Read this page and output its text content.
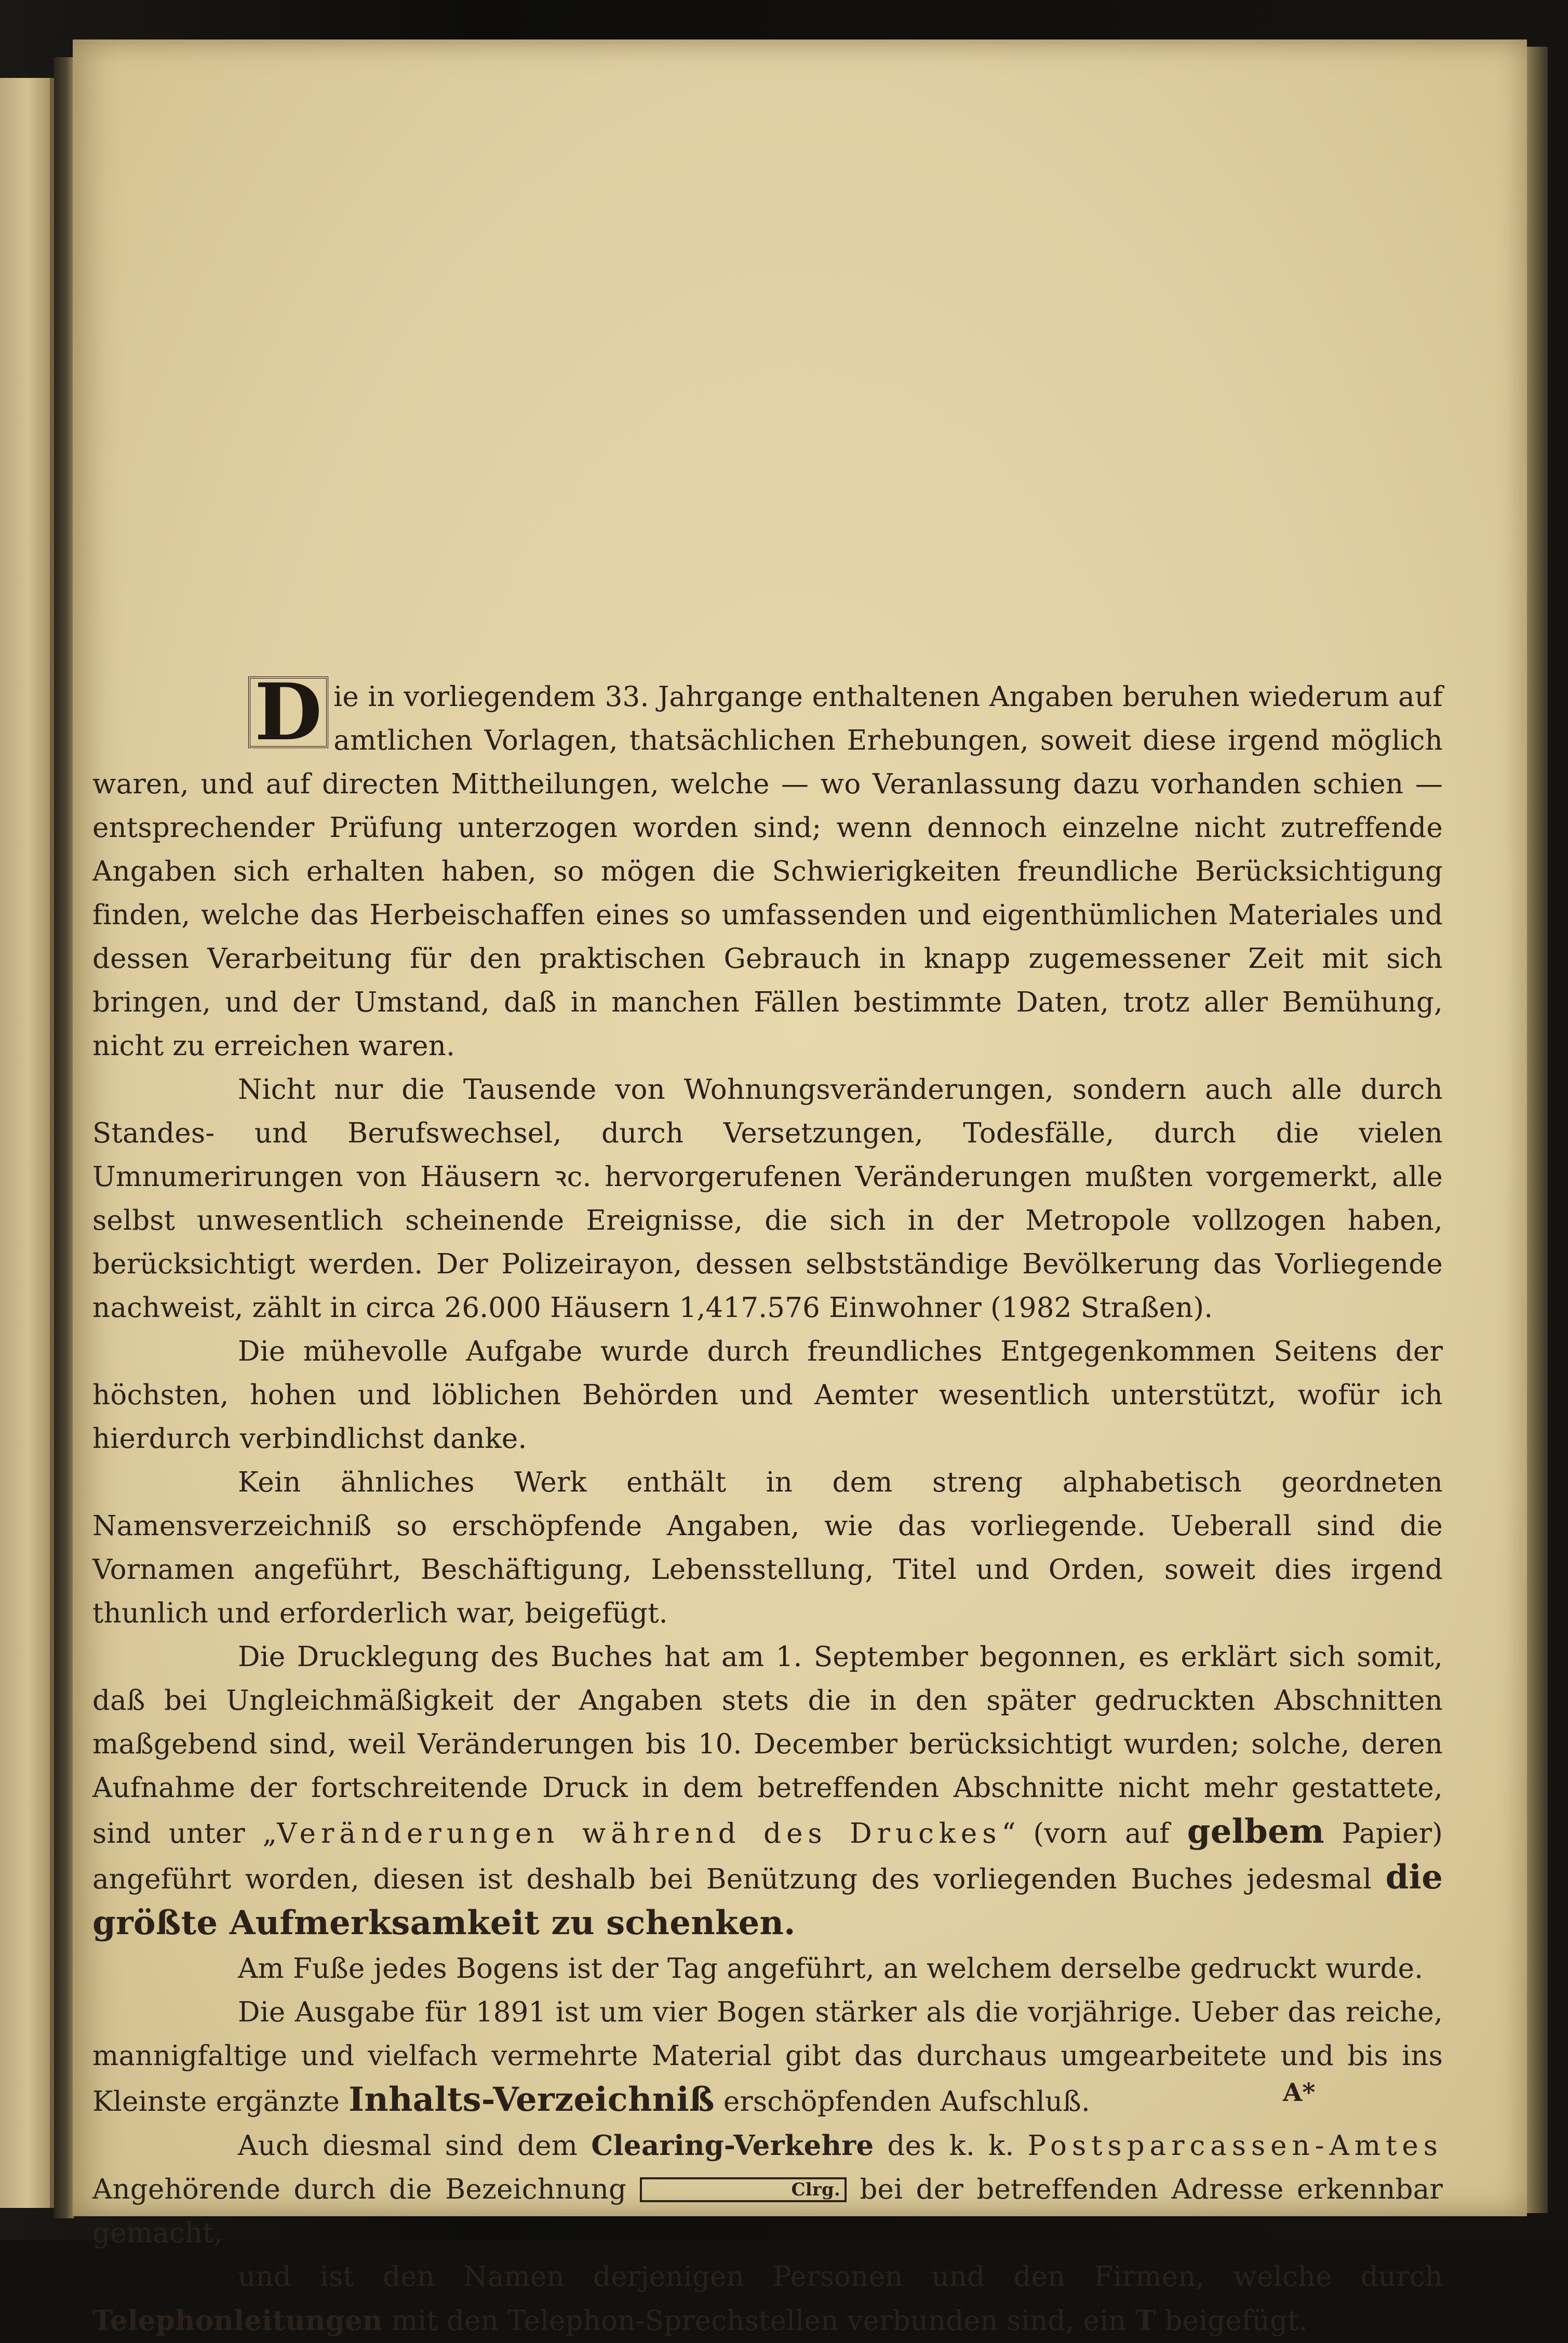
D ie in vorliegendem 33. Jahrgange enthaltenen Angaben beruhen wiederum auf amtlichen Vorlagen, thatsächlichen Erhebungen, soweit diese irgend möglich waren, und auf directen Mittheilungen, welche — wo Veranlassung dazu vorhanden schien — entsprechender Prüfung unterzogen worden sind; wenn dennoch einzelne nicht zutreffende Angaben sich erhalten haben, so mögen die Schwierigkeiten freundliche Berücksichtigung finden, welche das Herbeischaffen eines so umfassenden und eigenthümlichen Materiales und dessen Verarbeitung für den praktischen Gebrauch in knapp zugemessener Zeit mit sich bringen, und der Umstand, daß in manchen Fällen bestimmte Daten, trotz aller Bemühung, nicht zu erreichen waren.

Nicht nur die Tausende von Wohnungsveränderungen, sondern auch alle durch Standes- und Berufswechsel, durch Versetzungen, Todesfälle, durch die vielen Umnumerirungen von Häusern ꝛc. hervorgerufenen Veränderungen mußten vorgemerkt, alle selbst unwesentlich scheinende Ereignisse, die sich in der Metropole vollzogen haben, berücksichtigt werden. Der Polizeirayon, dessen selbstständige Bevölkerung das Vorliegende nachweist, zählt in circa 26.000 Häusern 1,417.576 Einwohner (1982 Straßen).

Die mühevolle Aufgabe wurde durch freundliches Entgegenkommen Seitens der höchsten, hohen und löblichen Behörden und Aemter wesentlich unterstützt, wofür ich hierdurch verbindlichst danke.

Kein ähnliches Werk enthält in dem streng alphabetisch geordneten Namensverzeichniß so erschöpfende Angaben, wie das vorliegende. Ueberall sind die Vornamen angeführt, Beschäftigung, Lebensstellung, Titel und Orden, soweit dies irgend thunlich und erforderlich war, beigefügt.

Die Drucklegung des Buches hat am 1. September begonnen, es erklärt sich somit, daß bei Ungleichmäßigkeit der Angaben stets die in den später gedruckten Abschnitten maßgebend sind, weil Veränderungen bis 10. December berücksichtigt wurden; solche, deren Aufnahme der fortschreitende Druck in dem betreffenden Abschnitte nicht mehr gestattete, sind unter „Veränderungen während des Druckes“ (vorn auf gelbem Papier) angeführt worden, diesen ist deshalb bei Benützung des vorliegenden Buches jedesmal die größte Aufmerksamkeit zu schenken.

Am Fuße jedes Bogens ist der Tag angeführt, an welchem derselbe gedruckt wurde.

Die Ausgabe für 1891 ist um vier Bogen stärker als die vorjährige. Ueber das reiche, mannigfaltige und vielfach vermehrte Material gibt das durchaus umgearbeitete und bis ins Kleinste ergänzte Inhalts-Verzeichniß erschöpfenden Aufschluß.

Auch diesmal sind dem Clearing-Verkehre des k. k. Postsparcassen-Amtes Angehörende durch die Bezeichnung	Clrg. bei der betreffenden Adresse erkennbar gemacht,

und ist den Namen derjenigen Personen und den Firmen, welche durch Telephonleitungen mit den Telephon-Sprechstellen verbunden sind, ein T beigefügt.

A*
